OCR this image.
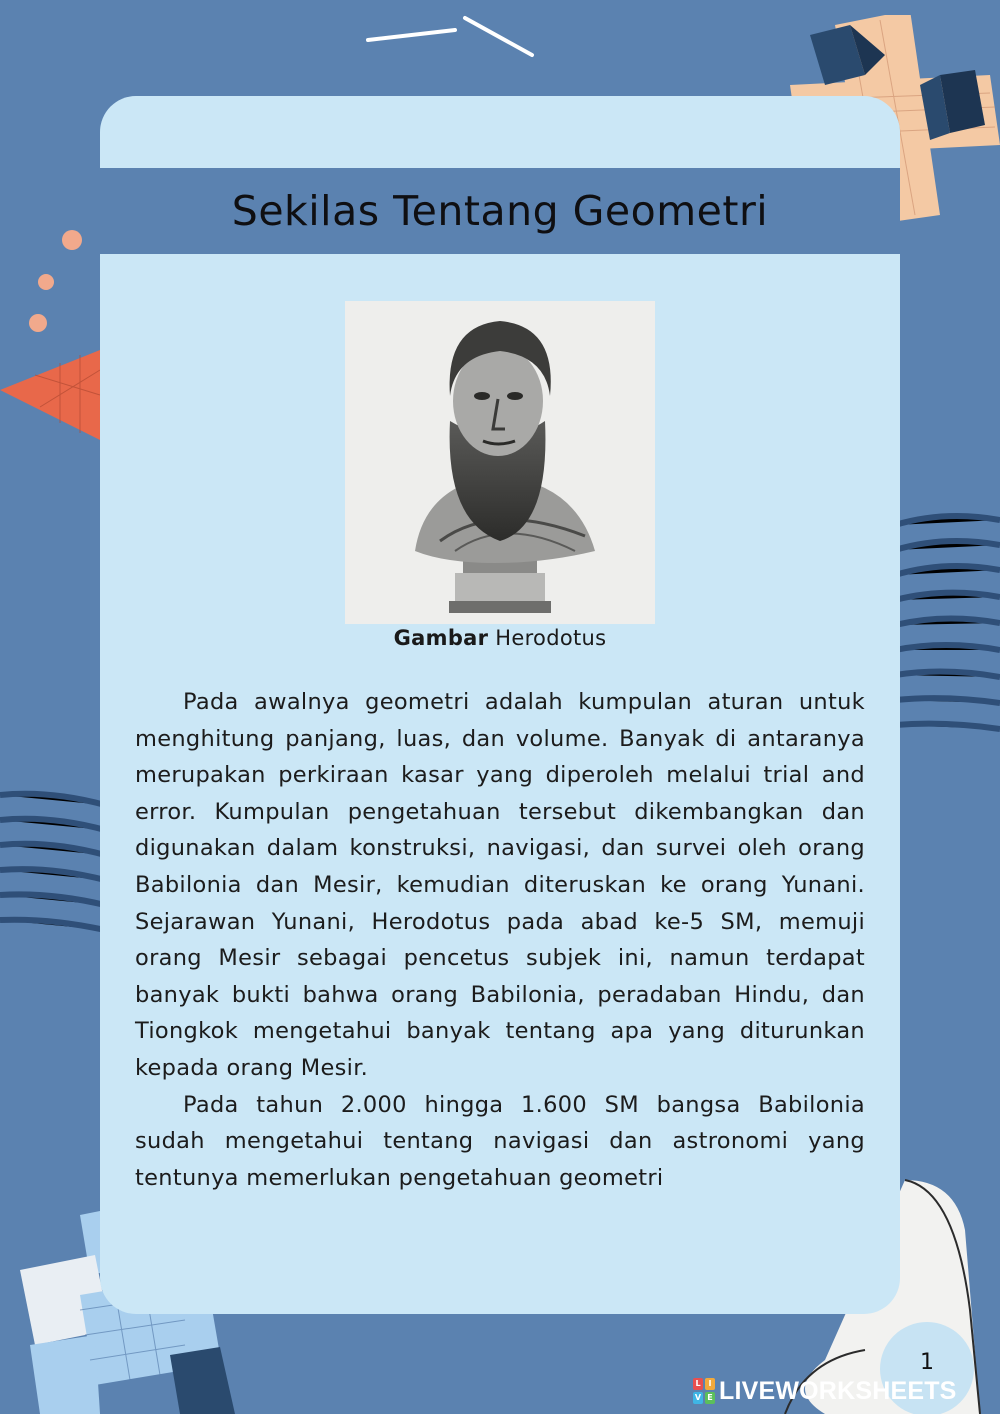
Sekilas Tentang Geometri
Gambar Herodotus

Pada awalnya geometri adalah kumpulan aturan untuk menghitung panjang, luas, dan volume. Banyak di antaranya merupakan perkiraan kasar yang diperoleh melalui trial and error. Kumpulan pengetahuan tersebut dikembangkan dan digunakan dalam konstruksi, navigasi, dan survei oleh orang Babilonia dan Mesir, kemudian diteruskan ke orang Yunani. Sejarawan Yunani, Herodotus pada abad ke-5 SM, memuji orang Mesir sebagai pencetus subjek ini, namun terdapat banyak bukti bahwa orang Babilonia, peradaban Hindu, dan Tiongkok mengetahui banyak tentang apa yang diturunkan kepada orang Mesir.

Pada tahun 2.000 hingga 1.600 SM bangsa Babilonia sudah mengetahui tentang navigasi dan astronomi yang tentunya memerlukan pengetahuan geometri

1
L I
V E LIVEWORKSHEETS
